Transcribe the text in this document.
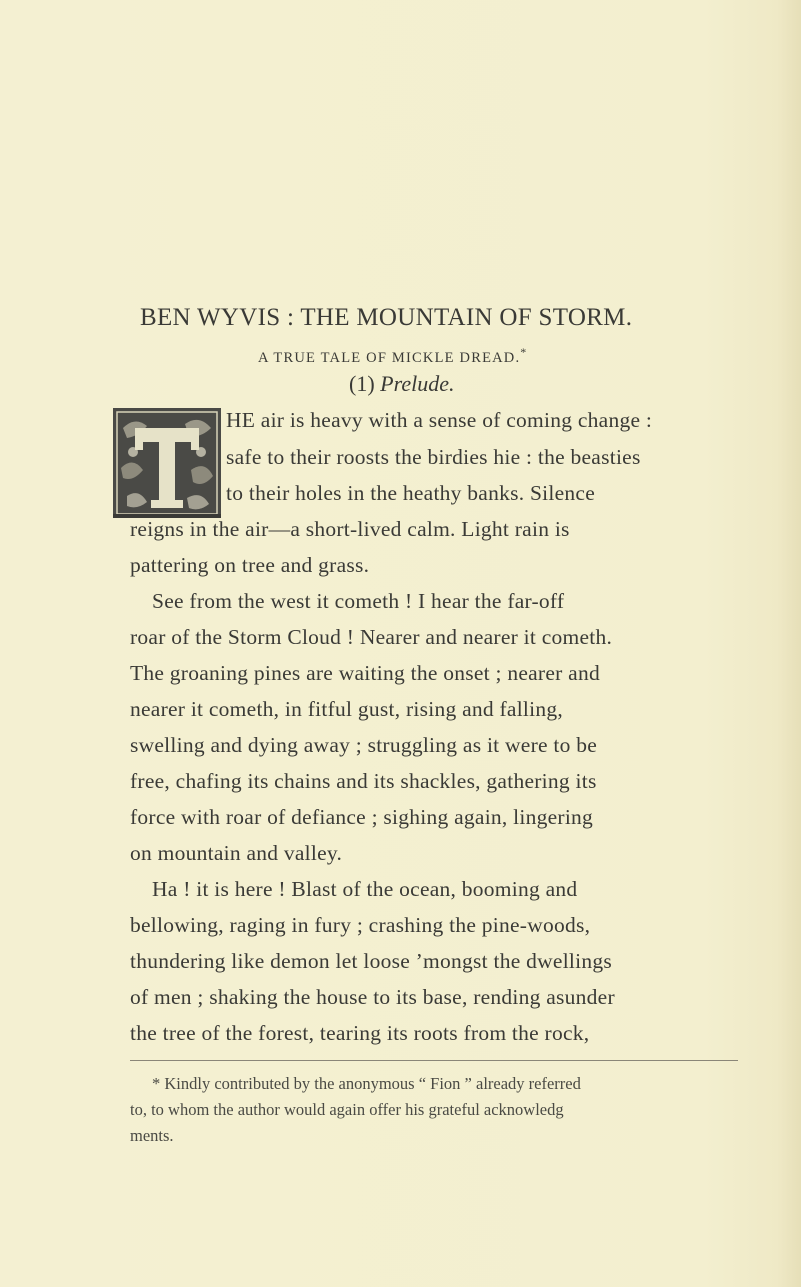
BEN WYVIS : THE MOUNTAIN OF STORM.
A TRUE TALE OF MICKLE DREAD.*
(1) Prelude.
HE air is heavy with a sense of coming change :
safe to their roosts the birdies hie : the beasties
to their holes in the heathy banks. Silence
reigns in the air—a short-lived calm. Light rain is
pattering on tree and grass.
See from the west it cometh ! I hear the far-off
roar of the Storm Cloud ! Nearer and nearer it cometh.
The groaning pines are waiting the onset ; nearer and
nearer it cometh, in fitful gust, rising and falling,
swelling and dying away ; struggling as it were to be
free, chafing its chains and its shackles, gathering its
force with roar of defiance ; sighing again, lingering
on mountain and valley.
Ha ! it is here ! Blast of the ocean, booming and
bellowing, raging in fury ; crashing the pine-woods,
thundering like demon let loose ’mongst the dwellings
of men ; shaking the house to its base, rending asunder
the tree of the forest, tearing its roots from the rock,
* Kindly contributed by the anonymous “ Fion ” already referred
to, to whom the author would again offer his grateful acknowledg
ments.
